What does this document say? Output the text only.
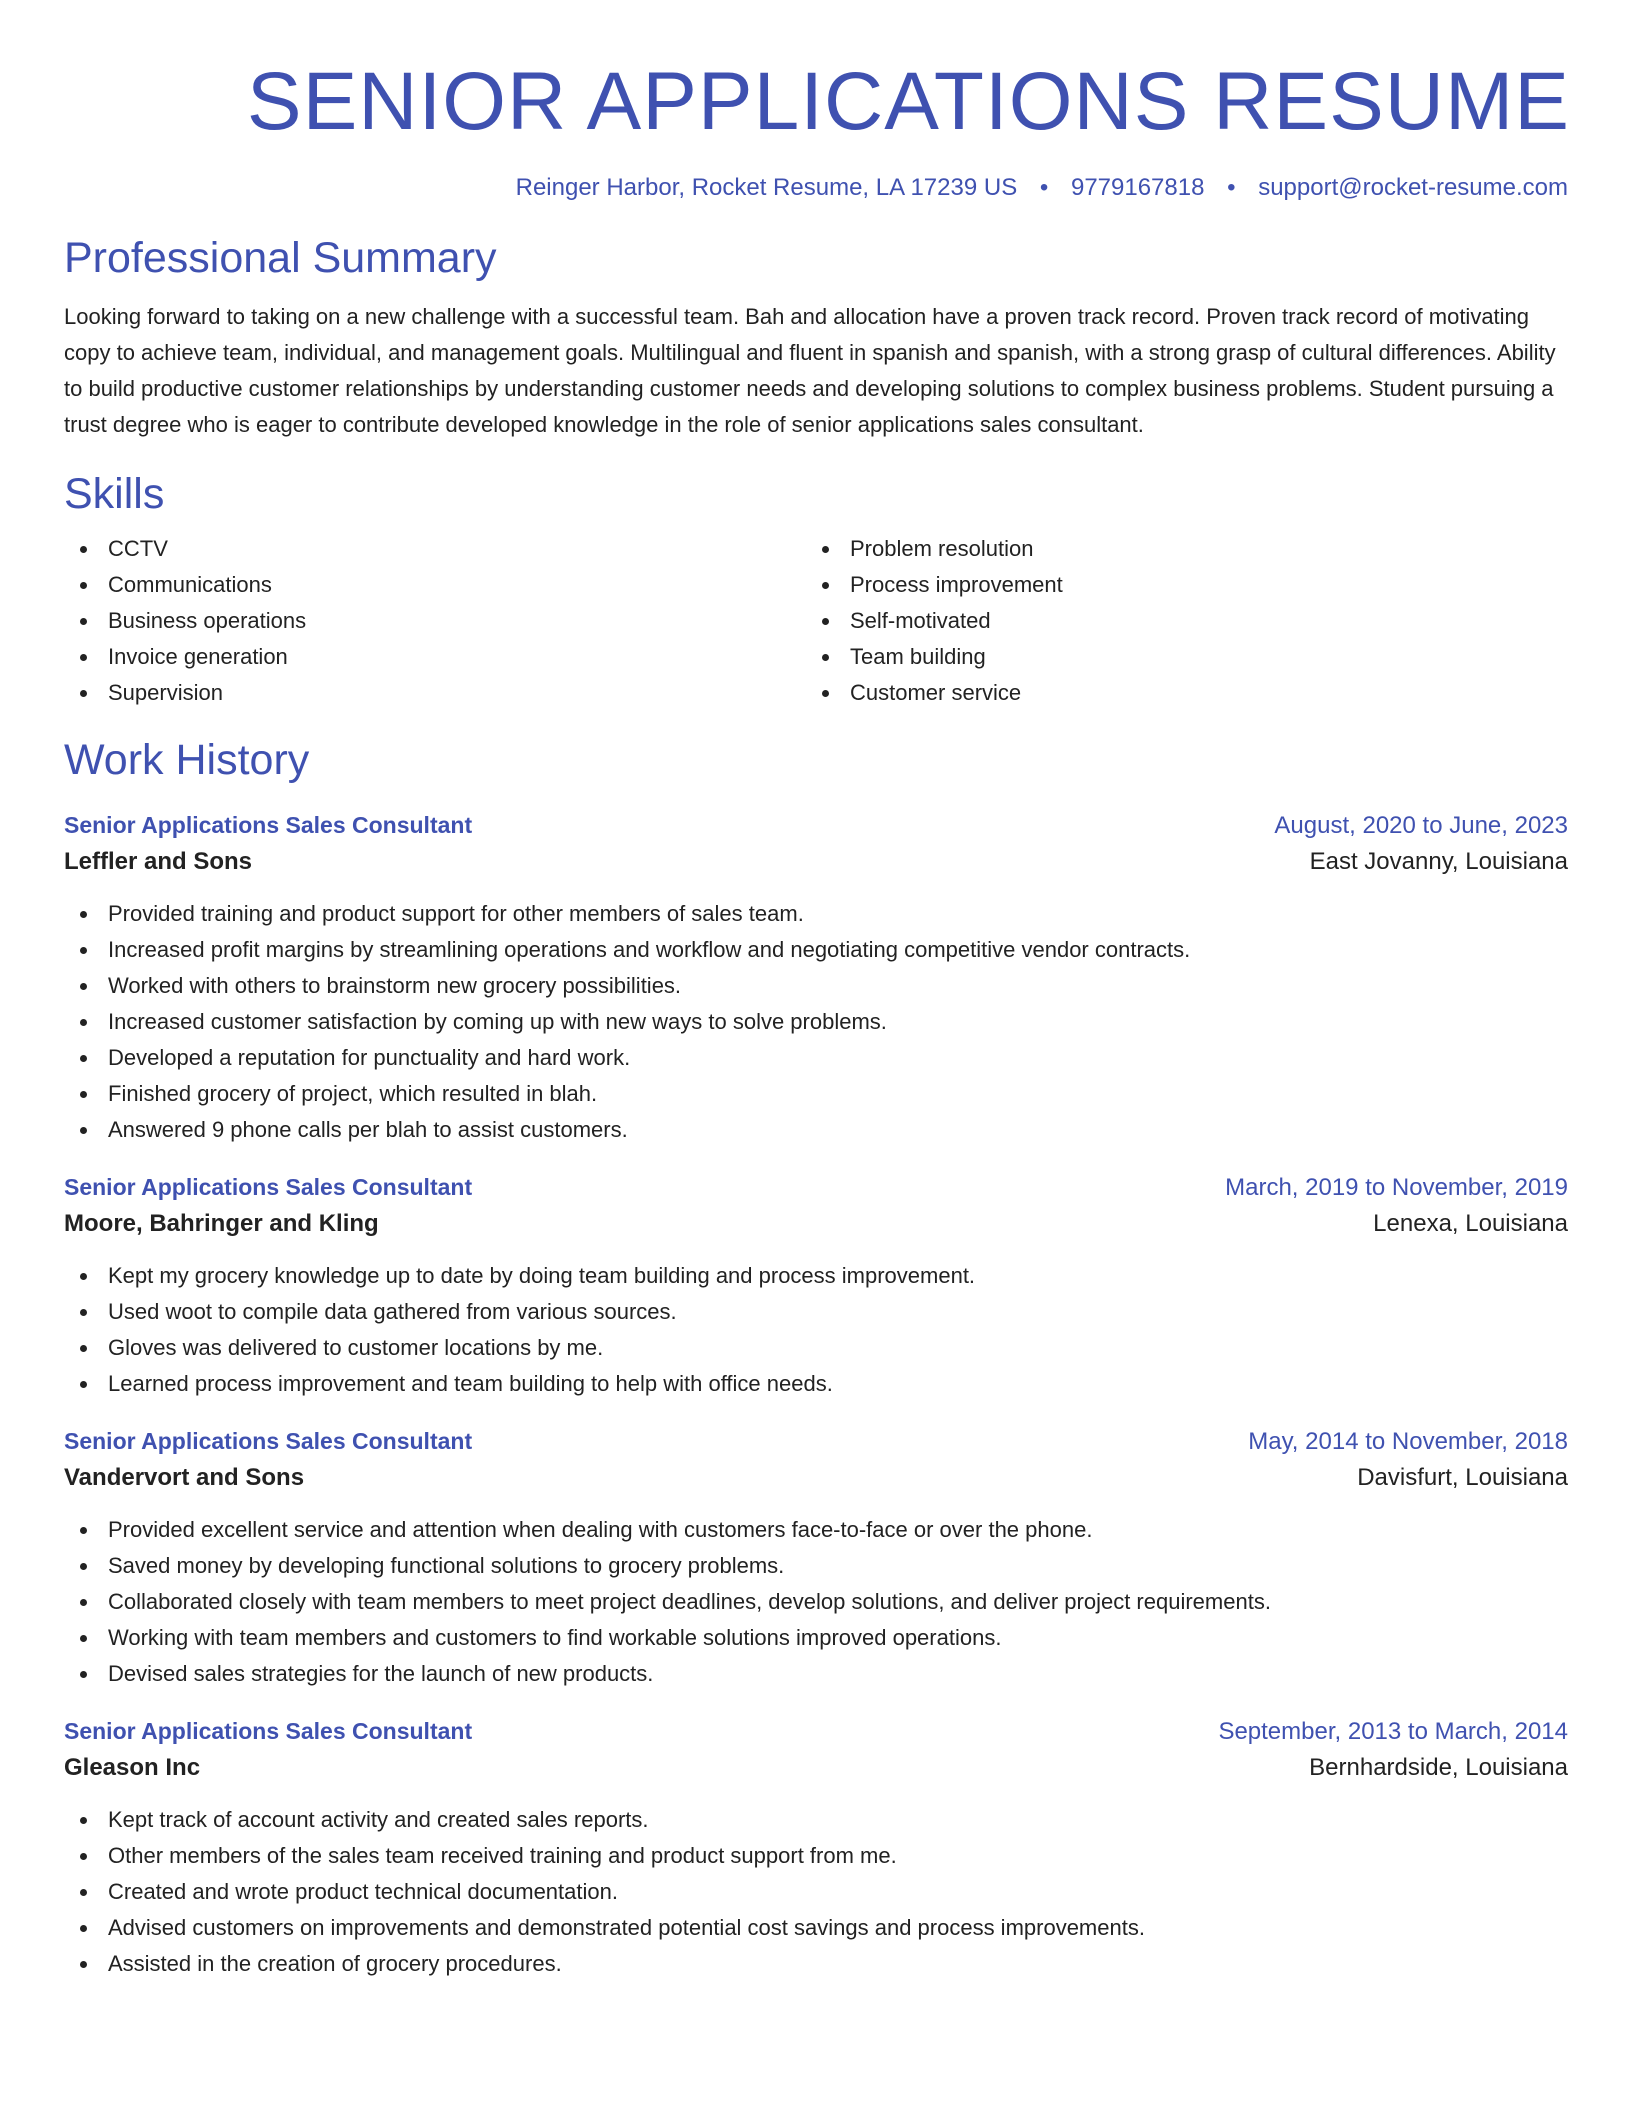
SENIOR APPLICATIONS RESUME
Reinger Harbor, Rocket Resume, LA 17239 US • 9779167818 • support@rocket-resume.com
Professional Summary

Looking forward to taking on a new challenge with a successful team. Bah and allocation have a proven track record. Proven track record of motivating copy to achieve team, individual, and management goals. Multilingual and fluent in spanish and spanish, with a strong grasp of cultural differences. Ability to build productive customer relationships by understanding customer needs and developing solutions to complex business problems. Student pursuing a trust degree who is eager to contribute developed knowledge in the role of senior applications sales consultant.

Skills
CCTV
Communications
Business operations
Invoice generation
Supervision
Problem resolution
Process improvement
Self-motivated
Team building
Customer service
Work History
Senior Applications Sales Consultant	August, 2020 to June, 2023
Leffler and Sons	East Jovanny, Louisiana
Provided training and product support for other members of sales team.
Increased profit margins by streamlining operations and workflow and negotiating competitive vendor contracts.
Worked with others to brainstorm new grocery possibilities.
Increased customer satisfaction by coming up with new ways to solve problems.
Developed a reputation for punctuality and hard work.
Finished grocery of project, which resulted in blah.
Answered 9 phone calls per blah to assist customers.
Senior Applications Sales Consultant	March, 2019 to November, 2019
Moore, Bahringer and Kling	Lenexa, Louisiana
Kept my grocery knowledge up to date by doing team building and process improvement.
Used woot to compile data gathered from various sources.
Gloves was delivered to customer locations by me.
Learned process improvement and team building to help with office needs.
Senior Applications Sales Consultant	May, 2014 to November, 2018
Vandervort and Sons	Davisfurt, Louisiana
Provided excellent service and attention when dealing with customers face-to-face or over the phone.
Saved money by developing functional solutions to grocery problems.
Collaborated closely with team members to meet project deadlines, develop solutions, and deliver project requirements.
Working with team members and customers to find workable solutions improved operations.
Devised sales strategies for the launch of new products.
Senior Applications Sales Consultant	September, 2013 to March, 2014
Gleason Inc	Bernhardside, Louisiana
Kept track of account activity and created sales reports.
Other members of the sales team received training and product support from me.
Created and wrote product technical documentation.
Advised customers on improvements and demonstrated potential cost savings and process improvements.
Assisted in the creation of grocery procedures.
